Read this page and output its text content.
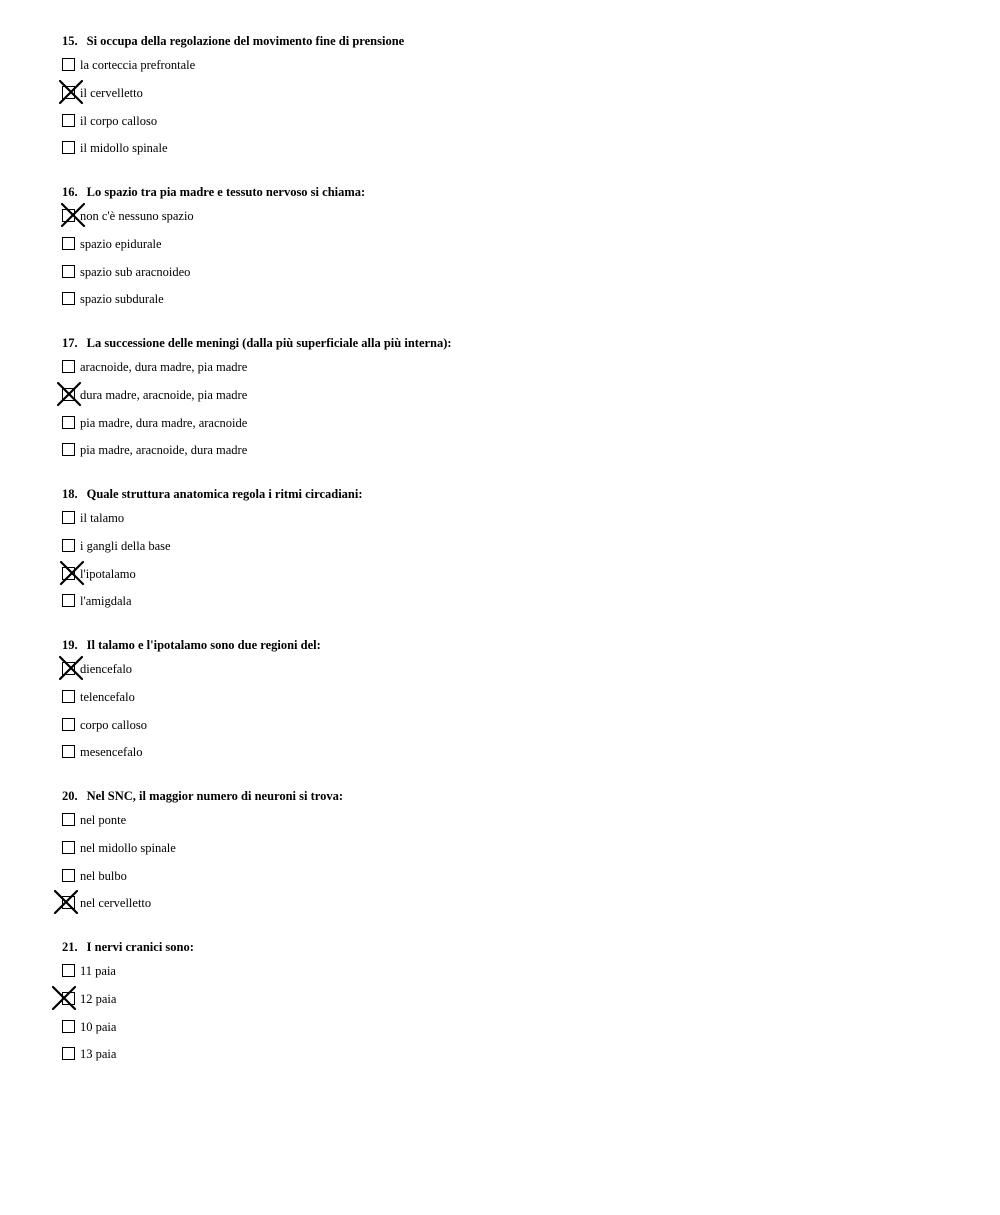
15. Si occupa della regolazione del movimento fine di prensione
la corteccia prefrontale
il cervelletto
il corpo calloso
il midollo spinale
16. Lo spazio tra pia madre e tessuto nervoso si chiama:
non c'è nessuno spazio
spazio epidurale
spazio sub aracnoideo
spazio subdurale
17. La successione delle meningi (dalla più superficiale alla più interna):
aracnoide, dura madre, pia madre
dura madre, aracnoide, pia madre
pia madre, dura madre, aracnoide
pia madre, aracnoide, dura madre
18. Quale struttura anatomica regola i ritmi circadiani:
il talamo
i gangli della base
l'ipotalamo
l'amigdala
19. Il talamo e l'ipotalamo sono due regioni del:
diencefalo
telencefalo
corpo calloso
mesencefalo
20. Nel SNC, il maggior numero di neuroni si trova:
nel ponte
nel midollo spinale
nel bulbo
nel cervelletto
21. I nervi cranici sono:
11 paia
12 paia
10 paia
13 paia
